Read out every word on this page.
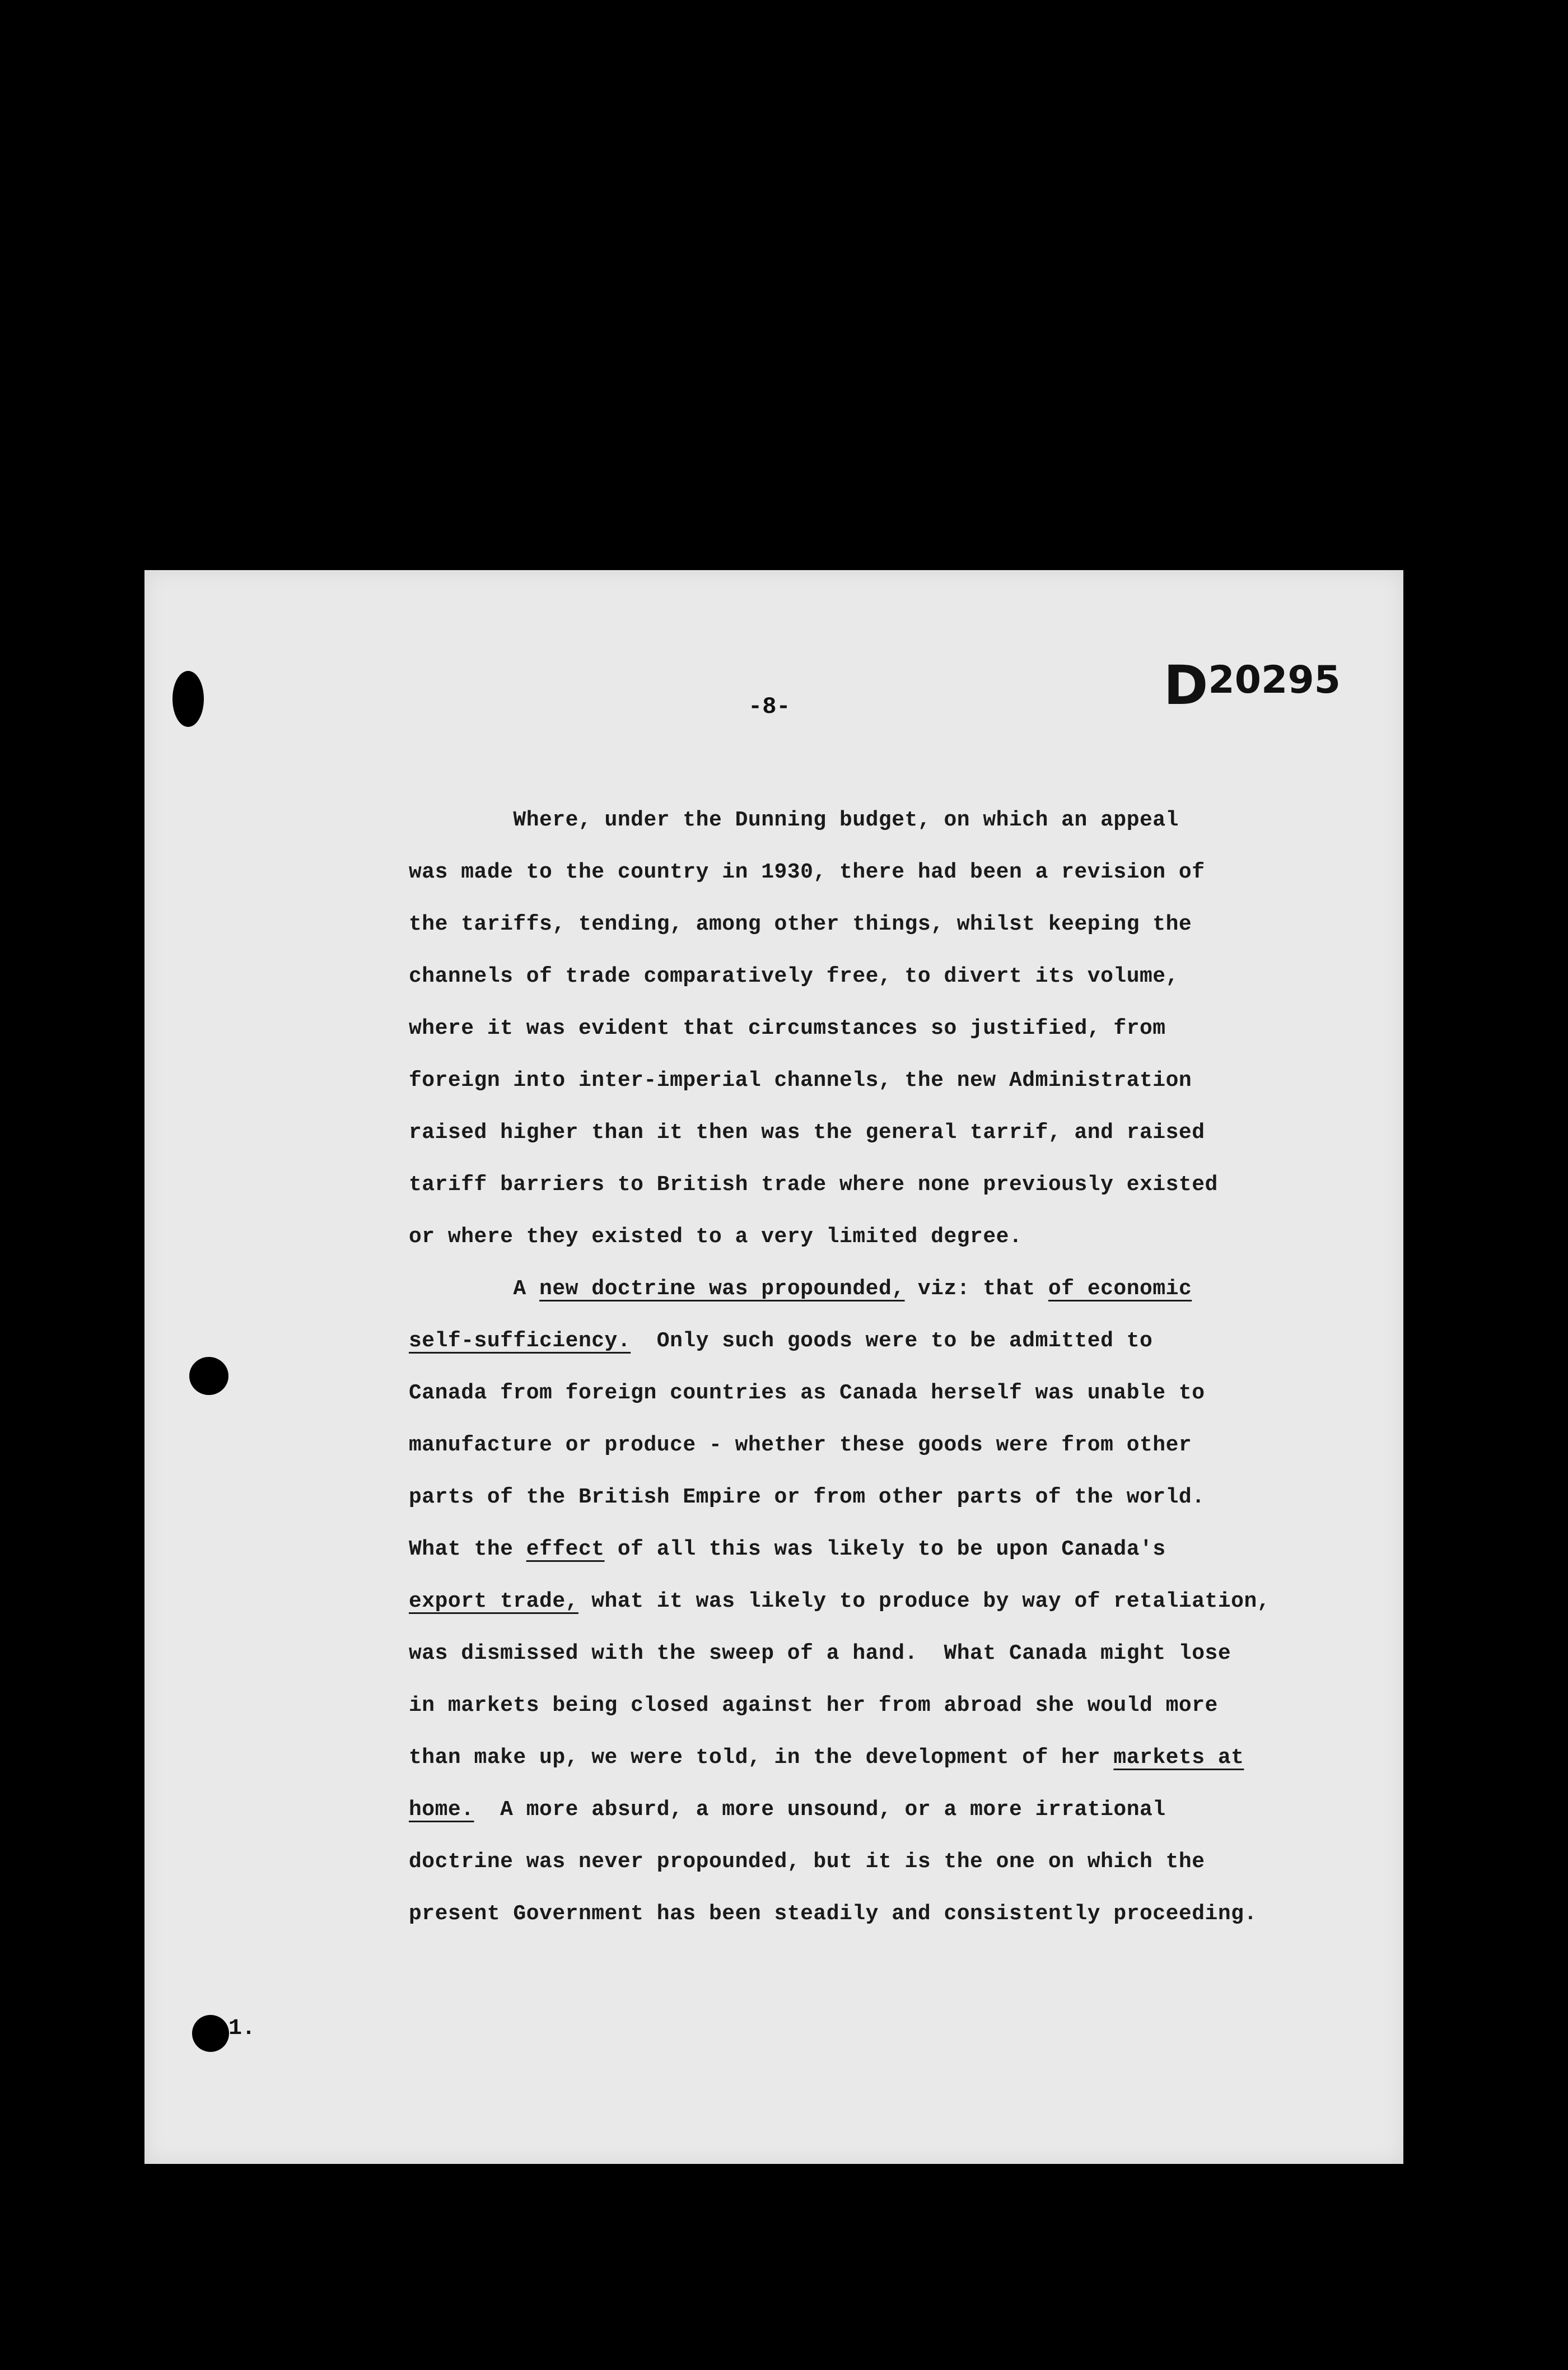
D20295
-8-
Where, under the Dunning budget, on which an appeal
was made to the country in 1930, there had been a revision of
the tariffs, tending, among other things, whilst keeping the
channels of trade comparatively free, to divert its volume,
where it was evident that circumstances so justified, from
foreign into inter-imperial channels, the new Administration
raised higher than it then was the general tarrif, and raised
tariff barriers to British trade where none previously existed
or where they existed to a very limited degree.
A new doctrine was propounded, viz: that of economic
self-sufficiency.  Only such goods were to be admitted to
Canada from foreign countries as Canada herself was unable to
manufacture or produce - whether these goods were from other
parts of the British Empire or from other parts of the world.
What the effect of all this was likely to be upon Canada's
export trade, what it was likely to produce by way of retaliation,
was dismissed with the sweep of a hand.  What Canada might lose
in markets being closed against her from abroad she would more
than make up, we were told, in the development of her markets at
home.  A more absurd, a more unsound, or a more irrational
doctrine was never propounded, but it is the one on which the
present Government has been steadily and consistently proceeding.
1.
